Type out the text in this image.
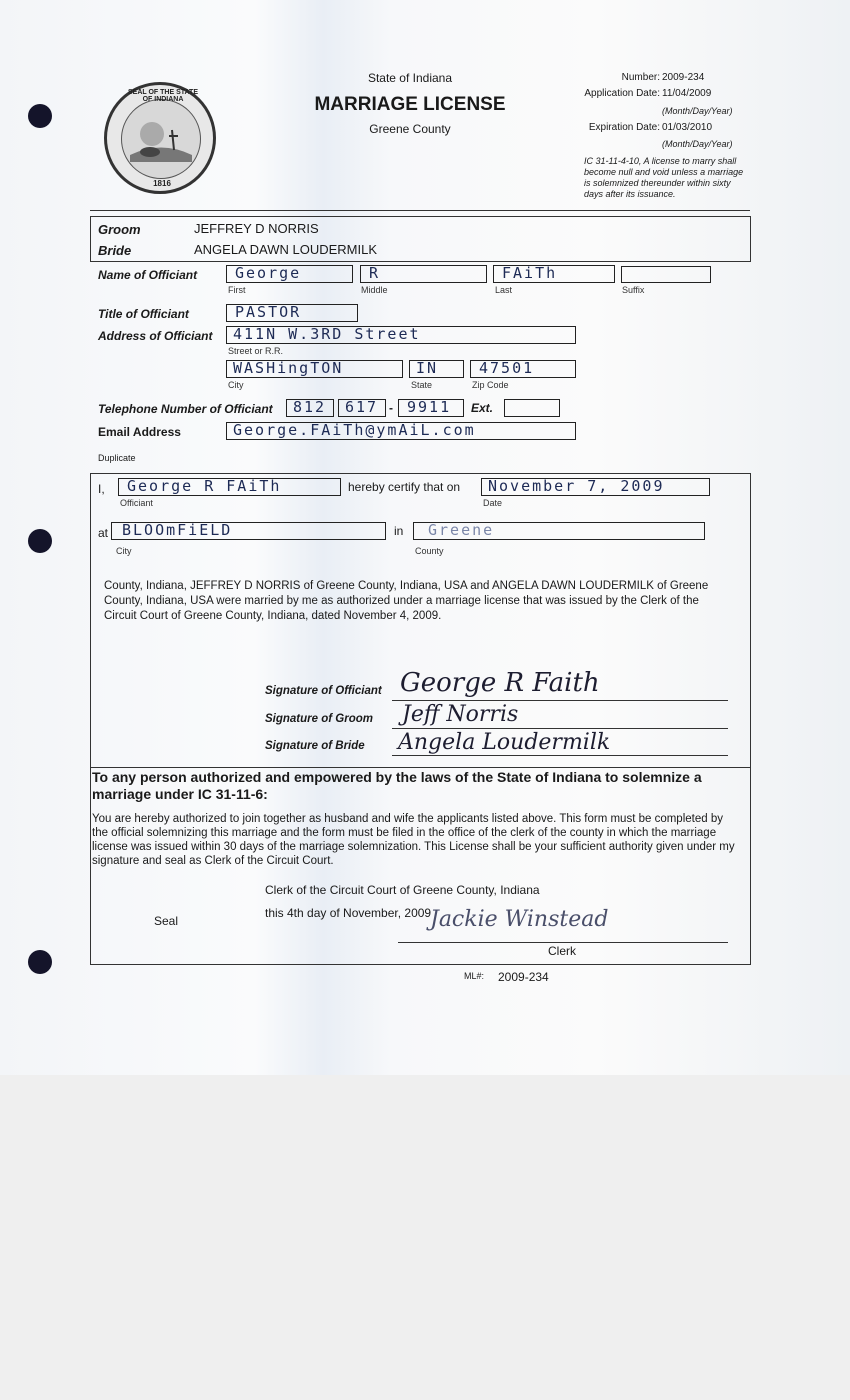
SEAL OF THE STATE OF INDIANA
1816
State of Indiana
MARRIAGE LICENSE
Greene County
Number: 2009-234
Application Date: 11/04/2009
(Month/Day/Year)
Expiration Date: 01/03/2010
(Month/Day/Year)
IC 31-11-4-10, A license to marry shall become null and void unless a marriage is solemnized thereunder within sixty days after its issuance.
Groom	JEFFREY D NORRIS
Bride	ANGELA DAWN LOUDERMILK
Name of Officiant	George	R	FAiTh
First	Middle	Last	Suffix
Title of Officiant	PASTOR
Address of Officiant 411N W.3RD Street
Street or R.R.
WASHingTON	IN	47501
City	State	Zip Code
Telephone Number of Officiant 812 617 - 9911 Ext.
Email Address	George.FAiTh@ymAiL.com
Duplicate
I, George R FAiTh
Officiant
hereby certify that on November 7, 2009
Date
at BLOOmFiELD
City
in Greene
County
County, Indiana, JEFFREY D NORRIS of Greene County, Indiana, USA and ANGELA DAWN LOUDERMILK of Greene County, Indiana, USA were married by me as authorized under a marriage license that was issued by the Clerk of the Circuit Court of Greene County, Indiana, dated November 4, 2009.
Signature of Officiant George R Faith
Signature of Groom Jeff Norris
Signature of Bride Angela Loudermilk
To any person authorized and empowered by the laws of the State of Indiana to solemnize a marriage under IC 31-11-6:
You are hereby authorized to join together as husband and wife the applicants listed above. This form must be completed by the official solemnizing this marriage and the form must be filed in the office of the clerk of the county in which the marriage license was issued within 30 days of the marriage solemnization. This License shall be your sufficient authority given under my signature and seal as Clerk of the Circuit Court.
Clerk of the Circuit Court of Greene County, Indiana
this 4th day of November, 2009
Seal	Jackie Winstead
Clerk
ML#: 2009-234
